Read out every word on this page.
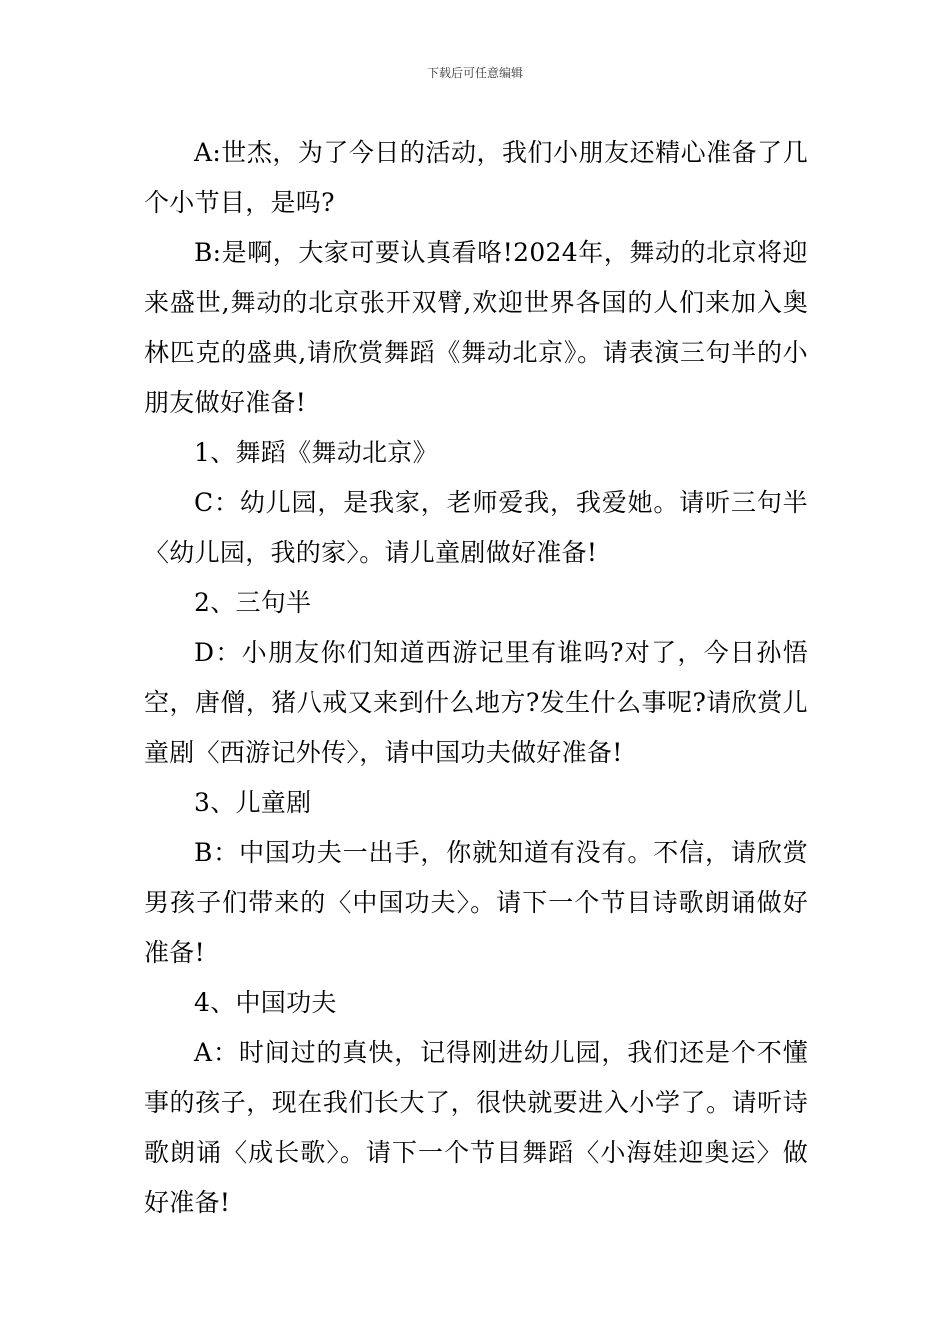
下载后可任意编辑

A:世杰，为了今日的活动，我们小朋友还精心准备了几个小节目，是吗?

B:是啊，大家可要认真看咯!2024年，舞动的北京将迎来盛世,舞动的北京张开双臂,欢迎世界各国的人们来加入奥林匹克的盛典,请欣赏舞蹈《舞动北京》。请表演三句半的小朋友做好准备!

1、舞蹈《舞动北京》

C：幼儿园，是我家，老师爱我，我爱她。请听三句半〈幼儿园，我的家〉。请儿童剧做好准备!

2、三句半

D：小朋友你们知道西游记里有谁吗?对了，今日孙悟空，唐僧，猪八戒又来到什么地方?发生什么事呢?请欣赏儿童剧〈西游记外传〉，请中国功夫做好准备!

3、儿童剧

B：中国功夫一出手，你就知道有没有。不信，请欣赏男孩子们带来的〈中国功夫〉。请下一个节目诗歌朗诵做好准备!

4、中国功夫

A：时间过的真快，记得刚进幼儿园，我们还是个不懂事的孩子，现在我们长大了，很快就要进入小学了。请听诗歌朗诵〈成长歌〉。请下一个节目舞蹈〈小海娃迎奥运〉做好准备!
